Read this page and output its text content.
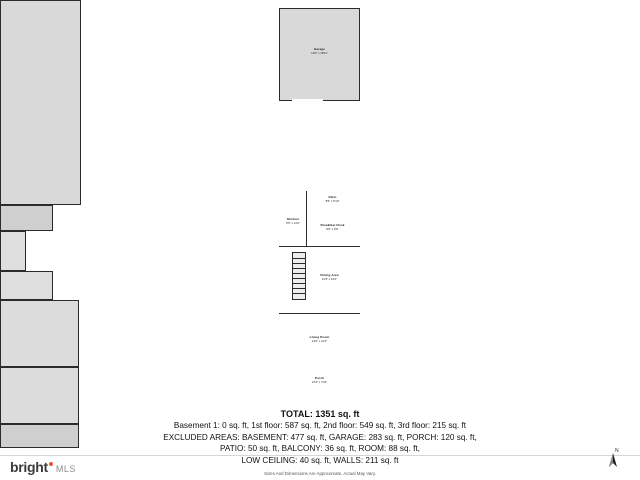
Garage
13'0" x 18'11"
Patio
8'6" x 5'10"
Kitchen
5'6" x 14'2"
Breakfast Nook
8'6" x 6'9"
Dining Area
11'9" x 13'2"
Living Room
13'0" x 12'4"
Porch
13'4" x 7'10"
TOTAL: 1351 sq. ft
Basement 1: 0 sq. ft, 1st floor: 587 sq. ft, 2nd floor: 549 sq. ft, 3rd floor: 215 sq. ft
EXCLUDED AREAS: BASEMENT: 477 sq. ft, GARAGE: 283 sq. ft, PORCH: 120 sq. ft,
PATIO: 50 sq. ft, BALCONY: 36 sq. ft, ROOM: 88 sq. ft,
LOW CEILING: 40 sq. ft, WALLS: 211 sq. ft
Sizes And Dimensions Are Approximate, Actual May Vary.
bright MLS
N
